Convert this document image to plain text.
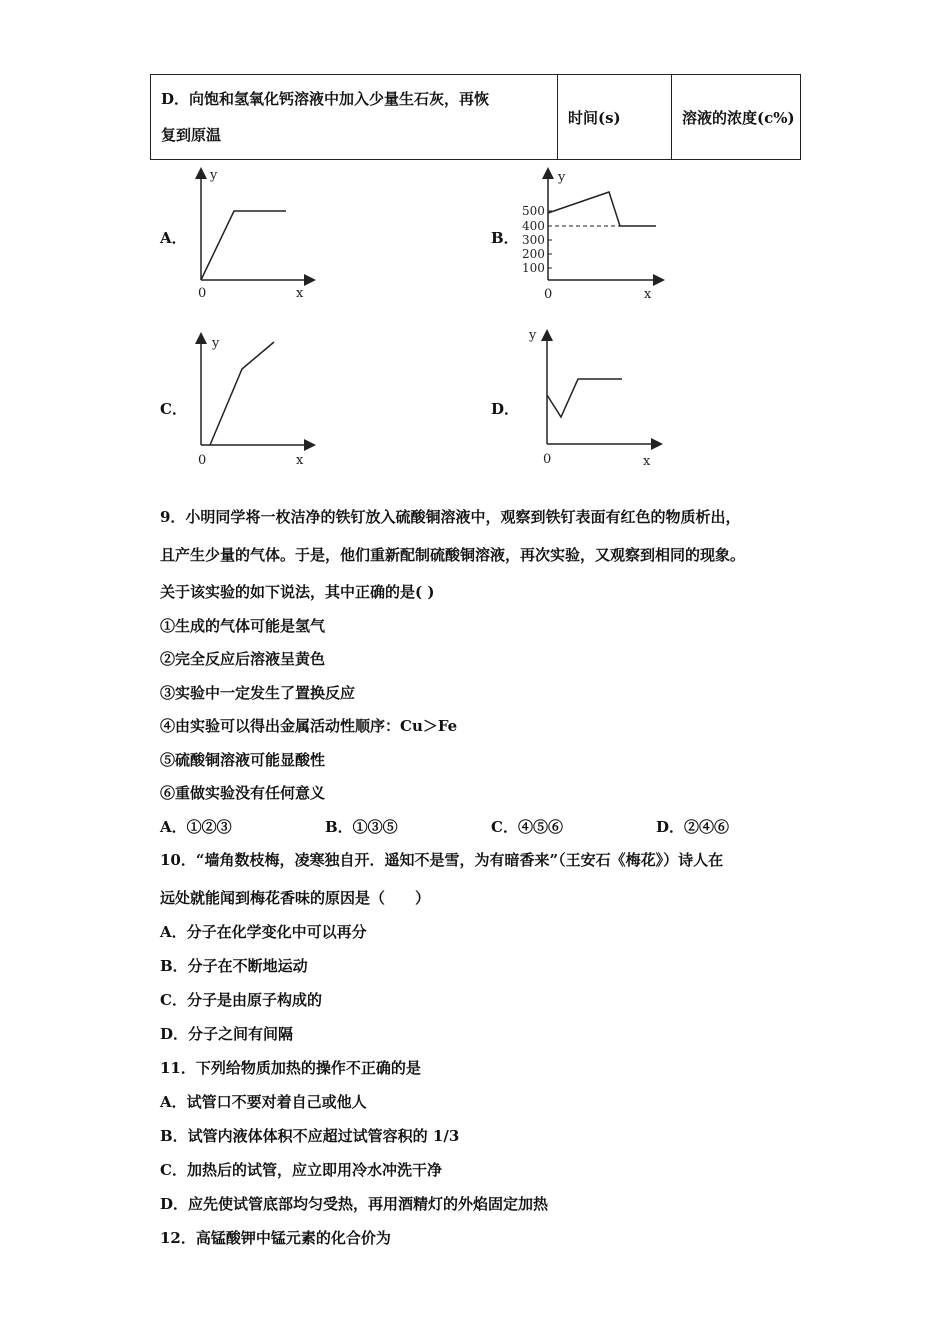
D．向饱和氢氧化钙溶液中加入少量生石灰，再恢
复到原温	时间(s)	溶液的浓度(c%)
A．
y
x
0
B．
500
400
300
200
100
y
x
0
C．
y
x
0
D．
y
x
0
9．小明同学将一枚洁净的铁钉放入硫酸铜溶液中，观察到铁钉表面有红色的物质析出，
且产生少量的气体。于是，他们重新配制硫酸铜溶液，再次实验，又观察到相同的现象。
关于该实验的如下说法，其中正确的是( )
①生成的气体可能是氢气
②完全反应后溶液呈黄色
③实验中一定发生了置换反应
④由实验可以得出金属活动性顺序：Cu＞Fe
⑤硫酸铜溶液可能显酸性
⑥重做实验没有任何意义
A．①②③	B．①③⑤	C．④⑤⑥	D．②④⑥
10．“墙角数枝梅，凌寒独自开．遥知不是雪，为有暗香来”（王安石《梅花》）诗人在
远处就能闻到梅花香味的原因是（　　）
A．分子在化学变化中可以再分
B．分子在不断地运动
C．分子是由原子构成的
D．分子之间有间隔
11．下列给物质加热的操作不正确的是
A．试管口不要对着自己或他人
B．试管内液体体积不应超过试管容积的 1/3
C．加热后的试管，应立即用冷水冲洗干净
D．应先使试管底部均匀受热，再用酒精灯的外焰固定加热
12．高锰酸钾中锰元素的化合价为
